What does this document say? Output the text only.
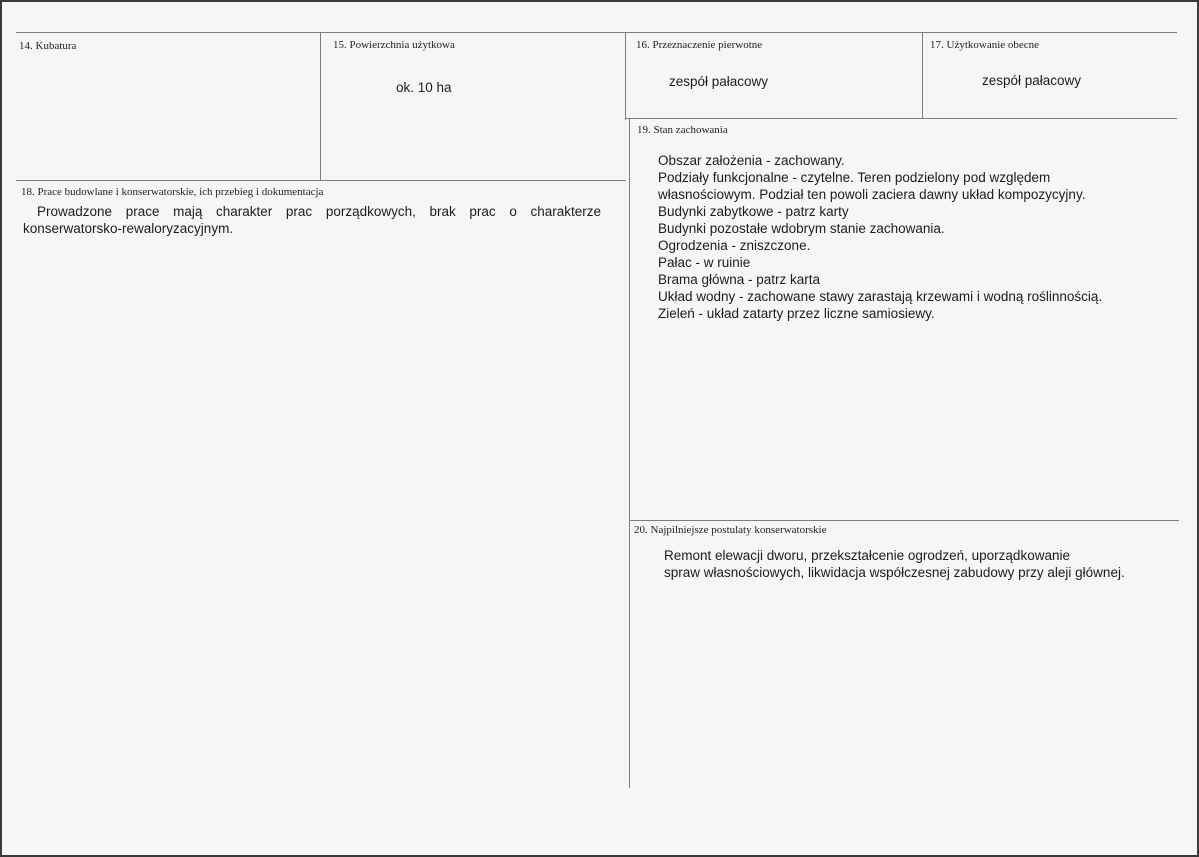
14. Kubatura	15. Powierzchnia użytkowa
ok. 10 ha
16. Przeznaczenie pierwotne
zespół pałacowy
17. Użytkowanie obecne
zespół pałacowy
18. Prace budowlane i konserwatorskie, ich przebieg i dokumentacja
Prowadzone prace mają charakter prac porządkowych, brak prac o charakterze konserwatorsko-rewaloryzacyjnym.
19. Stan zachowania
Obszar założenia - zachowany.
Podziały funkcjonalne - czytelne. Teren podzielony pod względem
własnościowym. Podział ten powoli zaciera dawny układ kompozycyjny.
Budynki zabytkowe - patrz karty
Budynki pozostałe wdobrym stanie zachowania.
Ogrodzenia - zniszczone.
Pałac - w ruinie
Brama główna - patrz karta
Układ wodny - zachowane stawy zarastają krzewami i wodną roślinnością.
Zieleń - układ zatarty przez liczne samiosiewy.
20. Najpilniejsze postulaty konserwatorskie
Remont elewacji dworu, przekształcenie ogrodzeń, uporządkowanie
spraw własnościowych, likwidacja współczesnej zabudowy przy aleji głównej.
